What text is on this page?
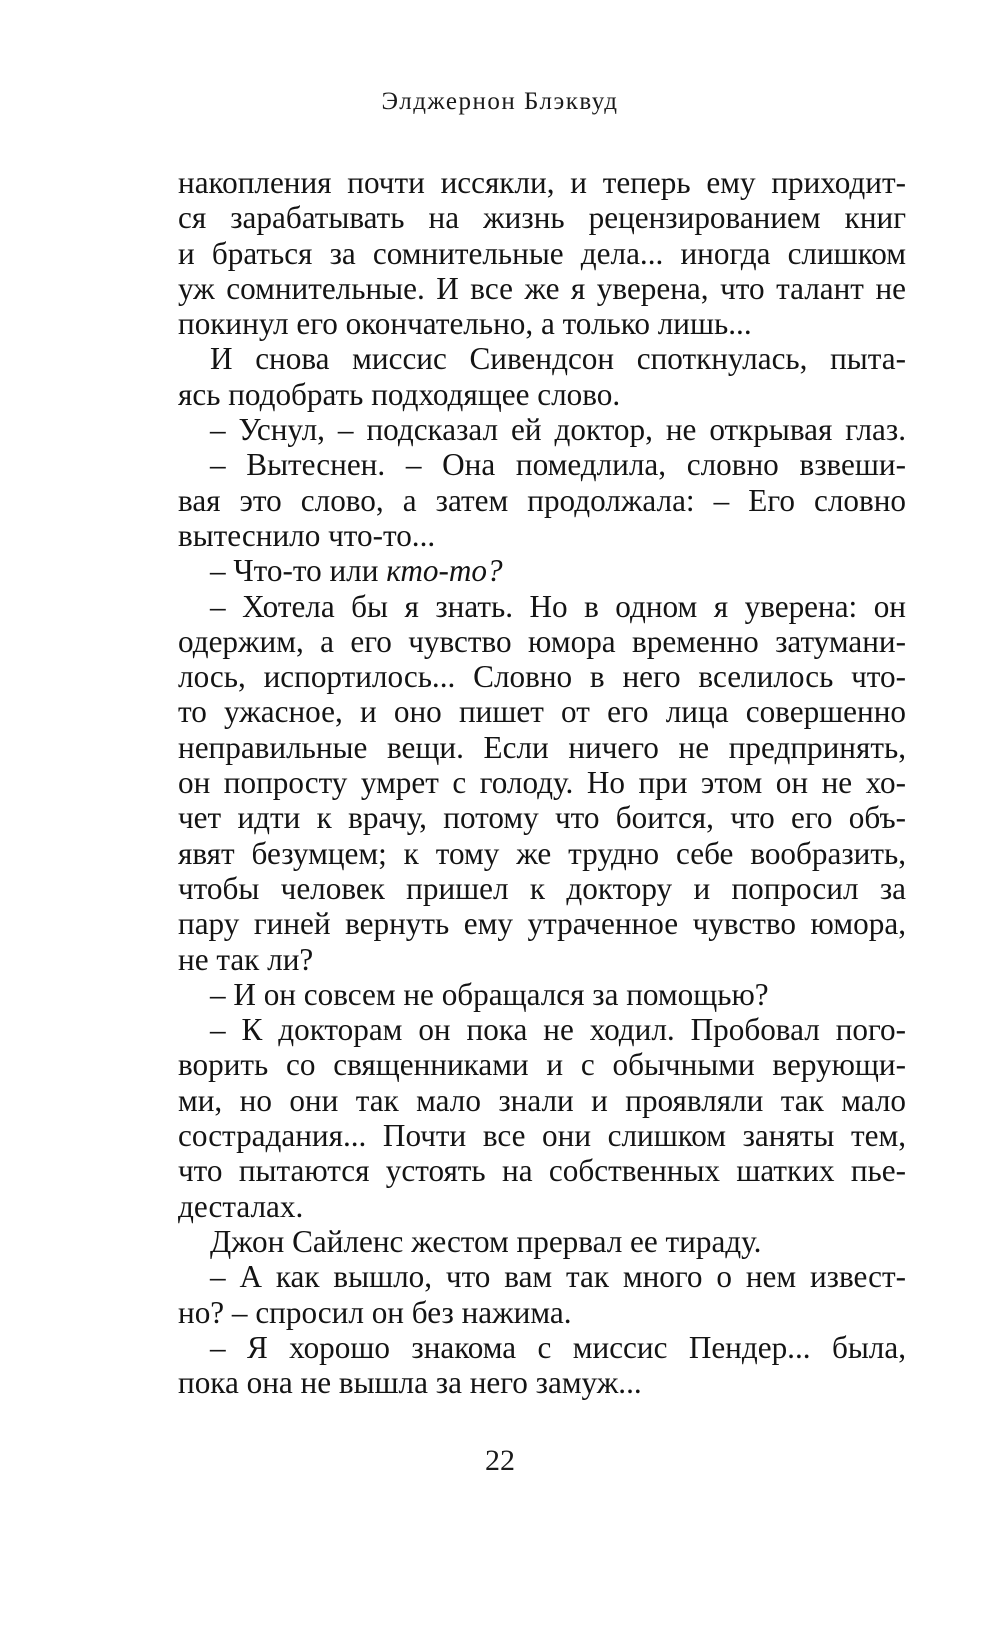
Элджернон Блэквуд
накопления почти иссякли, и теперь ему приходит-
ся зарабатывать на жизнь рецензированием книг
и браться за сомнительные дела... иногда слишком
уж сомнительные. И все же я уверена, что талант не
покинул его окончательно, а только лишь...
И снова миссис Сивендсон споткнулась, пыта-
ясь подобрать подходящее слово.
– Уснул, – подсказал ей доктор, не открывая глаз.
– Вытеснен. – Она помедлила, словно взвеши-
вая это слово, а затем продолжала: – Его словно
вытеснило что-то...
– Что-то или кто-то?
– Хотела бы я знать. Но в одном я уверена: он
одержим, а его чувство юмора временно затумани-
лось, испортилось... Словно в него вселилось что-
то ужасное, и оно пишет от его лица совершенно
неправильные вещи. Если ничего не предпринять,
он попросту умрет с голоду. Но при этом он не хо-
чет идти к врачу, потому что боится, что его объ-
явят безумцем; к тому же трудно себе вообразить,
чтобы человек пришел к доктору и попросил за
пару гиней вернуть ему утраченное чувство юмора,
не так ли?
– И он совсем не обращался за помощью?
– К докторам он пока не ходил. Пробовал пого-
ворить со священниками и с обычными верующи-
ми, но они так мало знали и проявляли так мало
сострадания... Почти все они слишком заняты тем,
что пытаются устоять на собственных шатких пье-
десталах.
Джон Сайленс жестом прервал ее тираду.
– А как вышло, что вам так много о нем извест-
но? – спросил он без нажима.
– Я хорошо знакома с миссис Пендер... была,
пока она не вышла за него замуж...
22
